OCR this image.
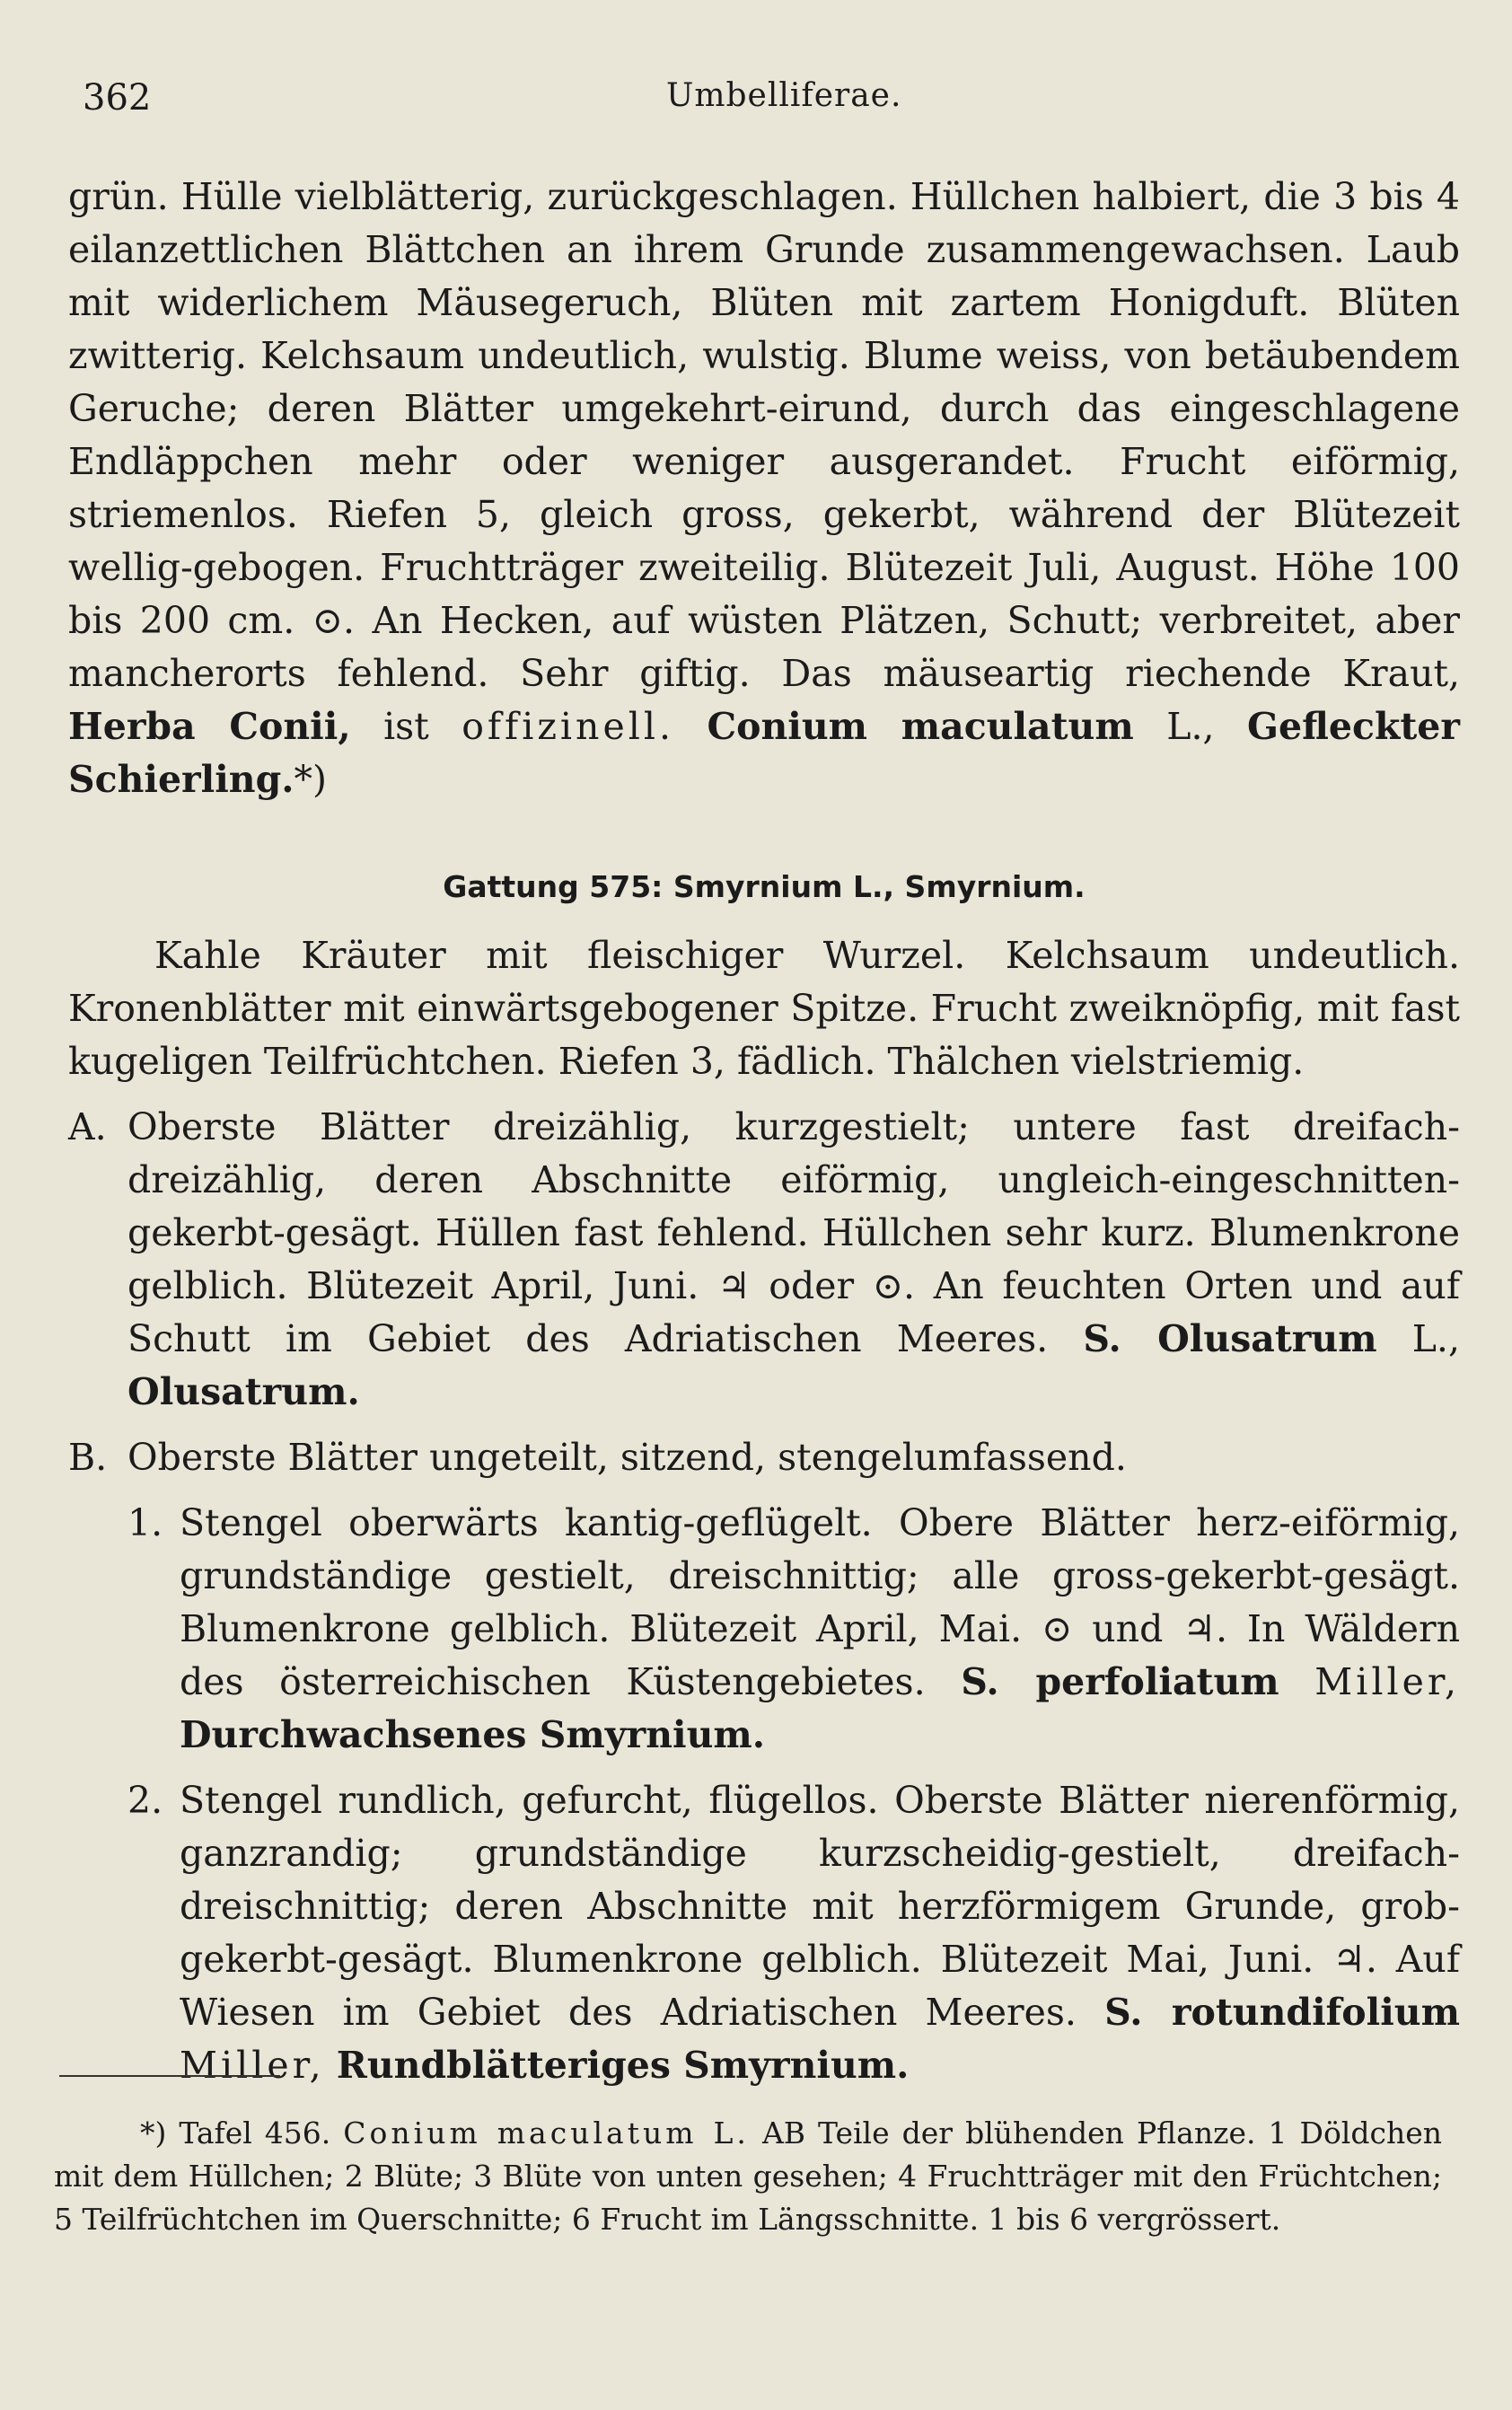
362	Umbelliferae.

grün. Hülle vielblätterig, zurückgeschlagen. Hüllchen halbiert, die 3 bis 4 eilanzettlichen Blättchen an ihrem Grunde zusammengewachsen. Laub mit widerlichem Mäusegeruch, Blüten mit zartem Honigduft. Blüten zwitterig. Kelchsaum undeutlich, wulstig. Blume weiss, von betäubendem Geruche; deren Blätter umgekehrt-eirund, durch das eingeschlagene Endläppchen mehr oder weniger ausgerandet. Frucht eiförmig, striemenlos. Riefen 5, gleich gross, gekerbt, während der Blütezeit wellig-gebogen. Fruchtträger zweiteilig. Blütezeit Juli, August. Höhe 100 bis 200 cm. ⊙. An Hecken, auf wüsten Plätzen, Schutt; verbreitet, aber mancherorts fehlend. Sehr giftig. Das mäuseartig riechende Kraut, Herba Conii, ist offizinell. Conium maculatum L., Gefleckter Schierling.*)

Gattung 575: Smyrnium L., Smyrnium.

Kahle Kräuter mit fleischiger Wurzel. Kelchsaum undeutlich. Kronenblätter mit einwärtsgebogener Spitze. Frucht zweiknöpfig, mit fast kugeligen Teilfrüchtchen. Riefen 3, fädlich. Thälchen vielstriemig.

A. Oberste Blätter dreizählig, kurzgestielt; untere fast dreifach-dreizählig, deren Abschnitte eiförmig, ungleich-eingeschnitten-gekerbt-gesägt. Hüllen fast fehlend. Hüllchen sehr kurz. Blumenkrone gelblich. Blütezeit April, Juni. ♃ oder ⊙. An feuchten Orten und auf Schutt im Gebiet des Adriatischen Meeres. S. Olusatrum L., Olusatrum.

B. Oberste Blätter ungeteilt, sitzend, stengelumfassend.

1. Stengel oberwärts kantig-geflügelt. Obere Blätter herz-eiförmig, grundständige gestielt, dreischnittig; alle gross-gekerbt-gesägt. Blumenkrone gelblich. Blütezeit April, Mai. ⊙ und ♃. In Wäldern des österreichischen Küstengebietes. S. perfoliatum Miller, Durchwachsenes Smyrnium.

2. Stengel rundlich, gefurcht, flügellos. Oberste Blätter nierenförmig, ganzrandig; grundständige kurzscheidig-gestielt, dreifach-dreischnittig; deren Abschnitte mit herzförmigem Grunde, grob-gekerbt-gesägt. Blumenkrone gelblich. Blütezeit Mai, Juni. ♃. Auf Wiesen im Gebiet des Adriatischen Meeres. S. rotundifolium Miller, Rundblätteriges Smyrnium.

*) Tafel 456. Conium maculatum L. AB Teile der blühenden Pflanze. 1 Döldchen mit dem Hüllchen; 2 Blüte; 3 Blüte von unten gesehen; 4 Fruchtträger mit den Früchtchen; 5 Teilfrüchtchen im Querschnitte; 6 Frucht im Längsschnitte. 1 bis 6 vergrössert.
